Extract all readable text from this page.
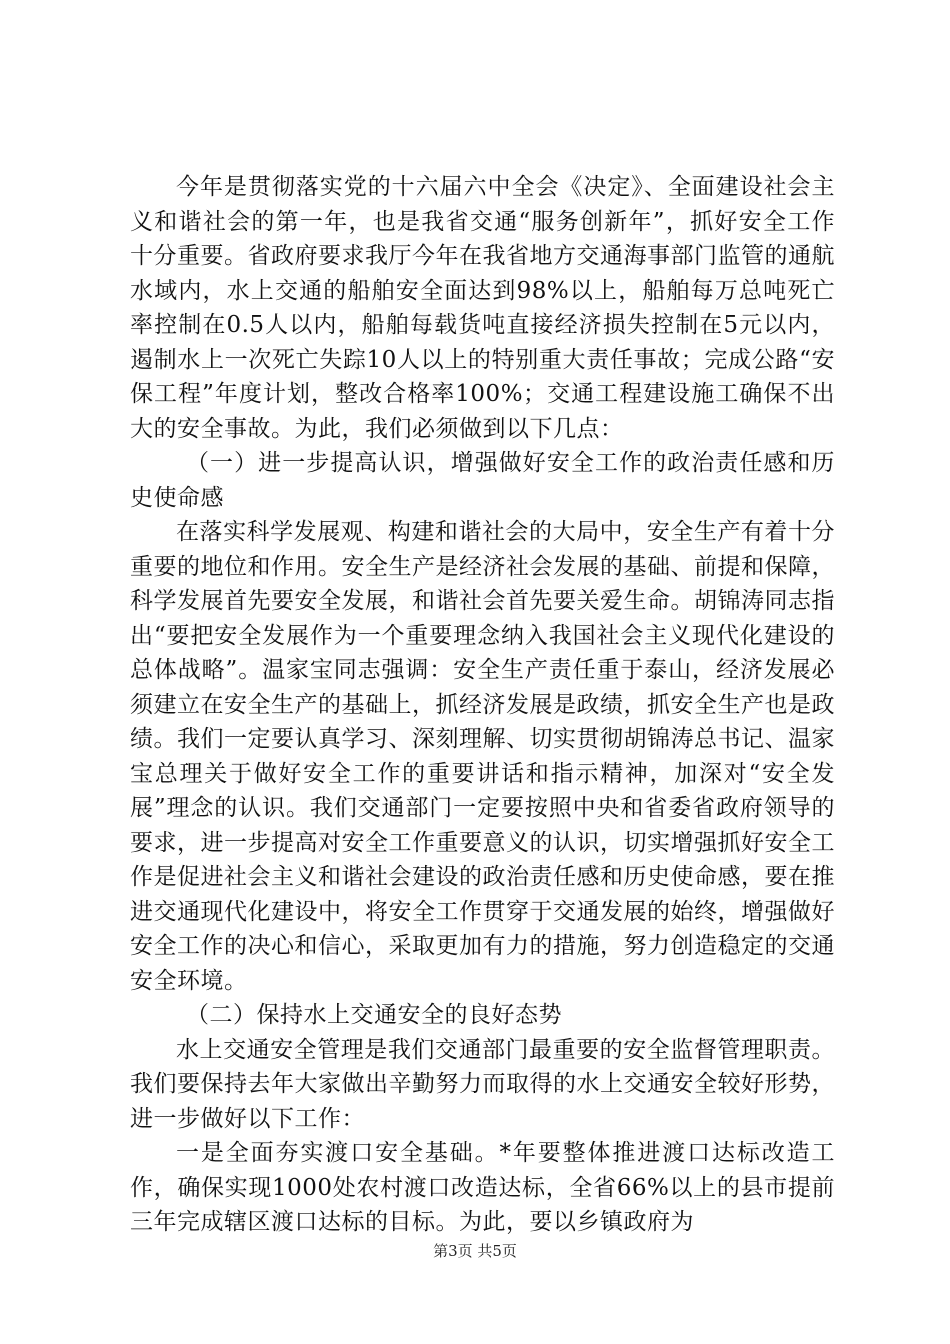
今年是贯彻落实党的十六届六中全会《决定》、全面建设社会主义和谐社会的第一年，也是我省交通“服务创新年”，抓好安全工作十分重要。省政府要求我厅今年在我省地方交通海事部门监管的通航水域内，水上交通的船舶安全面达到98%以上，船舶每万总吨死亡率控制在0.5人以内，船舶每载货吨直接经济损失控制在5元以内，遏制水上一次死亡失踪10人以上的特别重大责任事故；完成公路“安保工程”年度计划，整改合格率100%；交通工程建设施工确保不出大的安全事故。为此，我们必须做到以下几点：

（一）进一步提高认识，增强做好安全工作的政治责任感和历史使命感

在落实科学发展观、构建和谐社会的大局中，安全生产有着十分重要的地位和作用。安全生产是经济社会发展的基础、前提和保障，科学发展首先要安全发展，和谐社会首先要关爱生命。胡锦涛同志指出“要把安全发展作为一个重要理念纳入我国社会主义现代化建设的总体战略”。温家宝同志强调：安全生产责任重于泰山，经济发展必须建立在安全生产的基础上，抓经济发展是政绩，抓安全生产也是政绩。我们一定要认真学习、深刻理解、切实贯彻胡锦涛总书记、温家宝总理关于做好安全工作的重要讲话和指示精神，加深对“安全发展”理念的认识。我们交通部门一定要按照中央和省委省政府领导的要求，进一步提高对安全工作重要意义的认识，切实增强抓好安全工作是促进社会主义和谐社会建设的政治责任感和历史使命感，要在推进交通现代化建设中，将安全工作贯穿于交通发展的始终，增强做好安全工作的决心和信心，采取更加有力的措施，努力创造稳定的交通安全环境。

（二）保持水上交通安全的良好态势

水上交通安全管理是我们交通部门最重要的安全监督管理职责。我们要保持去年大家做出辛勤努力而取得的水上交通安全较好形势，进一步做好以下工作：

一是全面夯实渡口安全基础。*年要整体推进渡口达标改造工作，确保实现1000处农村渡口改造达标，全省66%以上的县市提前三年完成辖区渡口达标的目标。为此，要以乡镇政府为

第3页 共5页
